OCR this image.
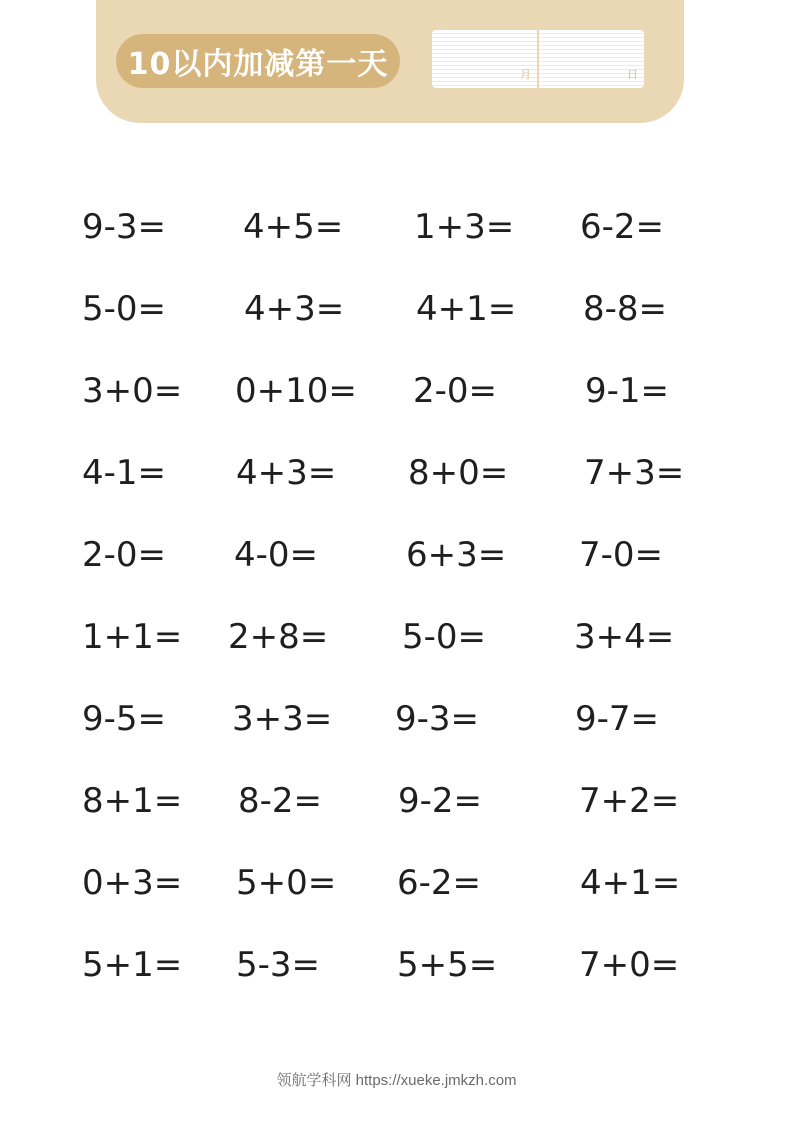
10以内加减第一天	月	日
9-3= 4+5= 1+3= 6-2=
5-0= 4+3= 4+1= 8-8=
3+0= 0+10= 2-0=	9-1=
4-1= 4+3= 8+0= 7+3=
2-0= 4-0=	6+3= 7-0=
1+1= 2+8= 5-0=	3+4=
9-5= 3+3= 9-3=	9-7=
8+1= 8-2= 9-2=	7+2=
0+3= 5+0= 6-2=	4+1=
5+1= 5-3= 5+5= 7+0=
领航学科网 https://xueke.jmkzh.com
